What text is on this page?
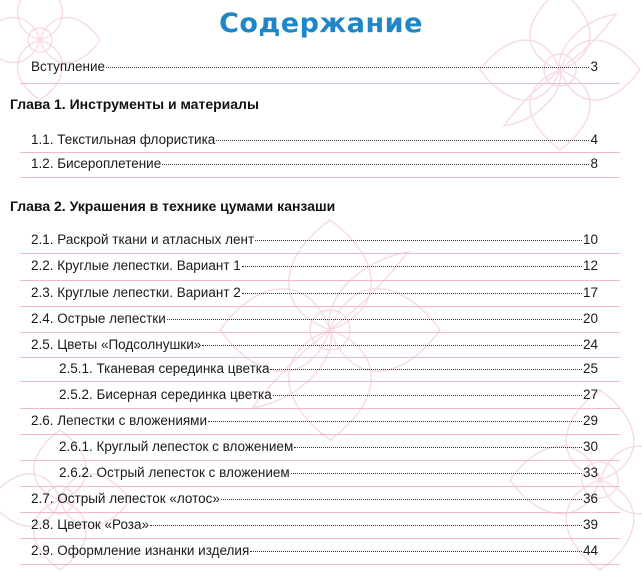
Содержание
Вступление	3
Глава 1. Инструменты и материалы
1.1. Текстильная флористика	4
1.2. Бисероплетение	8
Глава 2. Украшения в технике цумами канзаши
2.1. Раскрой ткани и атласных лент	10
2.2. Круглые лепестки. Вариант 1	12
2.3. Круглые лепестки. Вариант 2	17
2.4. Острые лепестки	20
2.5. Цветы «Подсолнушки»	24
2.5.1. Тканевая серединка цветка	25
2.5.2. Бисерная серединка цветка	27
2.6. Лепестки с вложениями	29
2.6.1. Круглый лепесток с вложением	30
2.6.2. Острый лепесток с вложением	33
2.7. Острый лепесток «лотос»	36
2.8. Цветок «Роза»	39
2.9. Оформление изнанки изделия	44
